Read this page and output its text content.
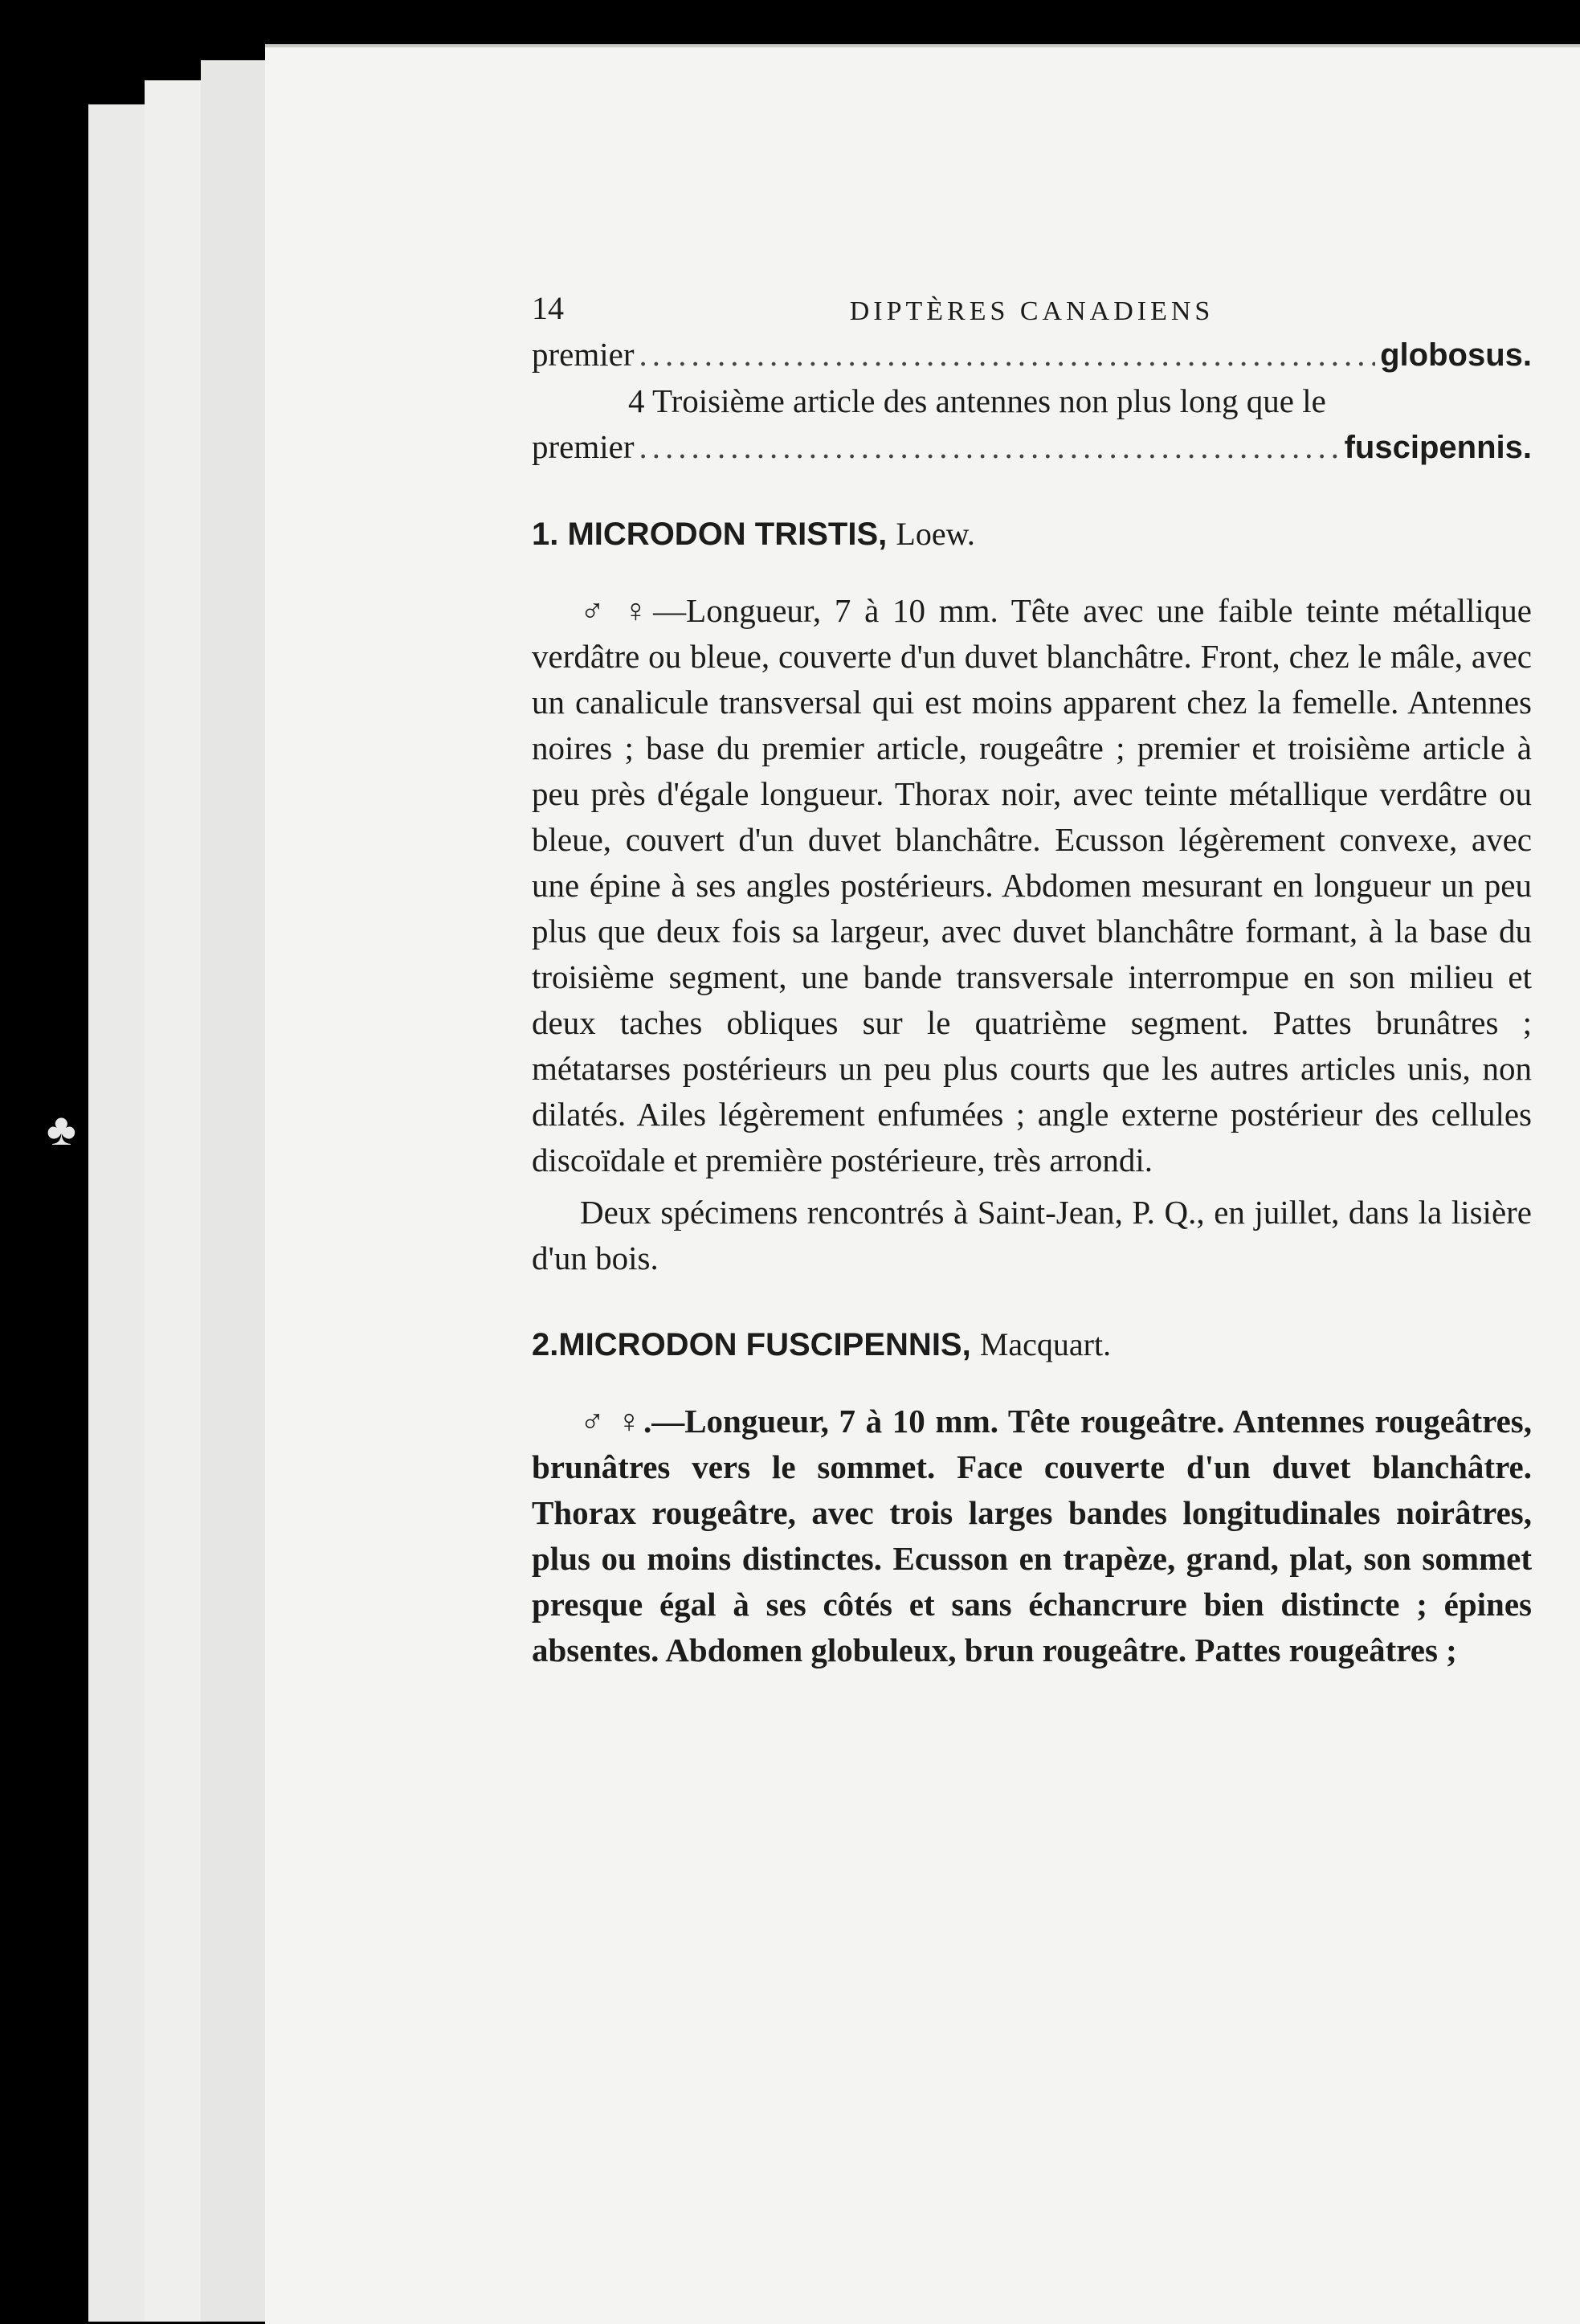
♣
14	DIPTÈRES CANADIENS
premier .....	globosus.
4 Troisième article des antennes non plus long que le
premier .....	fuscipennis.
1. MICRODON TRISTIS, Loew.

♂ ♀—Longueur, 7 à 10 mm. Tête avec une faible teinte métallique verdâtre ou bleue, couverte d'un duvet blanchâtre. Front, chez le mâle, avec un canalicule transversal qui est moins apparent chez la femelle. Antennes noires ; base du premier article, rougeâtre ; premier et troisième article à peu près d'égale longueur. Thorax noir, avec teinte métallique verdâtre ou bleue, couvert d'un duvet blanchâtre. Ecusson légèrement convexe, avec une épine à ses angles postérieurs. Abdomen mesurant en longueur un peu plus que deux fois sa largeur, avec duvet blanchâtre formant, à la base du troisième segment, une bande transversale interrompue en son milieu et deux taches obliques sur le quatrième segment. Pattes brunâtres ; métatarses postérieurs un peu plus courts que les autres articles unis, non dilatés. Ailes légèrement enfumées ; angle externe postérieur des cellules discoïdale et première postérieure, très arrondi.

Deux spécimens rencontrés à Saint-Jean, P. Q., en juillet, dans la lisière d'un bois.

2.MICRODON FUSCIPENNIS, Macquart.

♂ ♀.—Longueur, 7 à 10 mm. Tête rougeâtre. Antennes rougeâtres, brunâtres vers le sommet. Face couverte d'un duvet blanchâtre. Thorax rougeâtre, avec trois larges bandes longitudinales noirâtres, plus ou moins distinctes. Ecusson en trapèze, grand, plat, son sommet presque égal à ses côtés et sans échancrure bien distincte ; épines absentes. Abdomen globuleux, brun rougeâtre. Pattes rougeâtres ;
